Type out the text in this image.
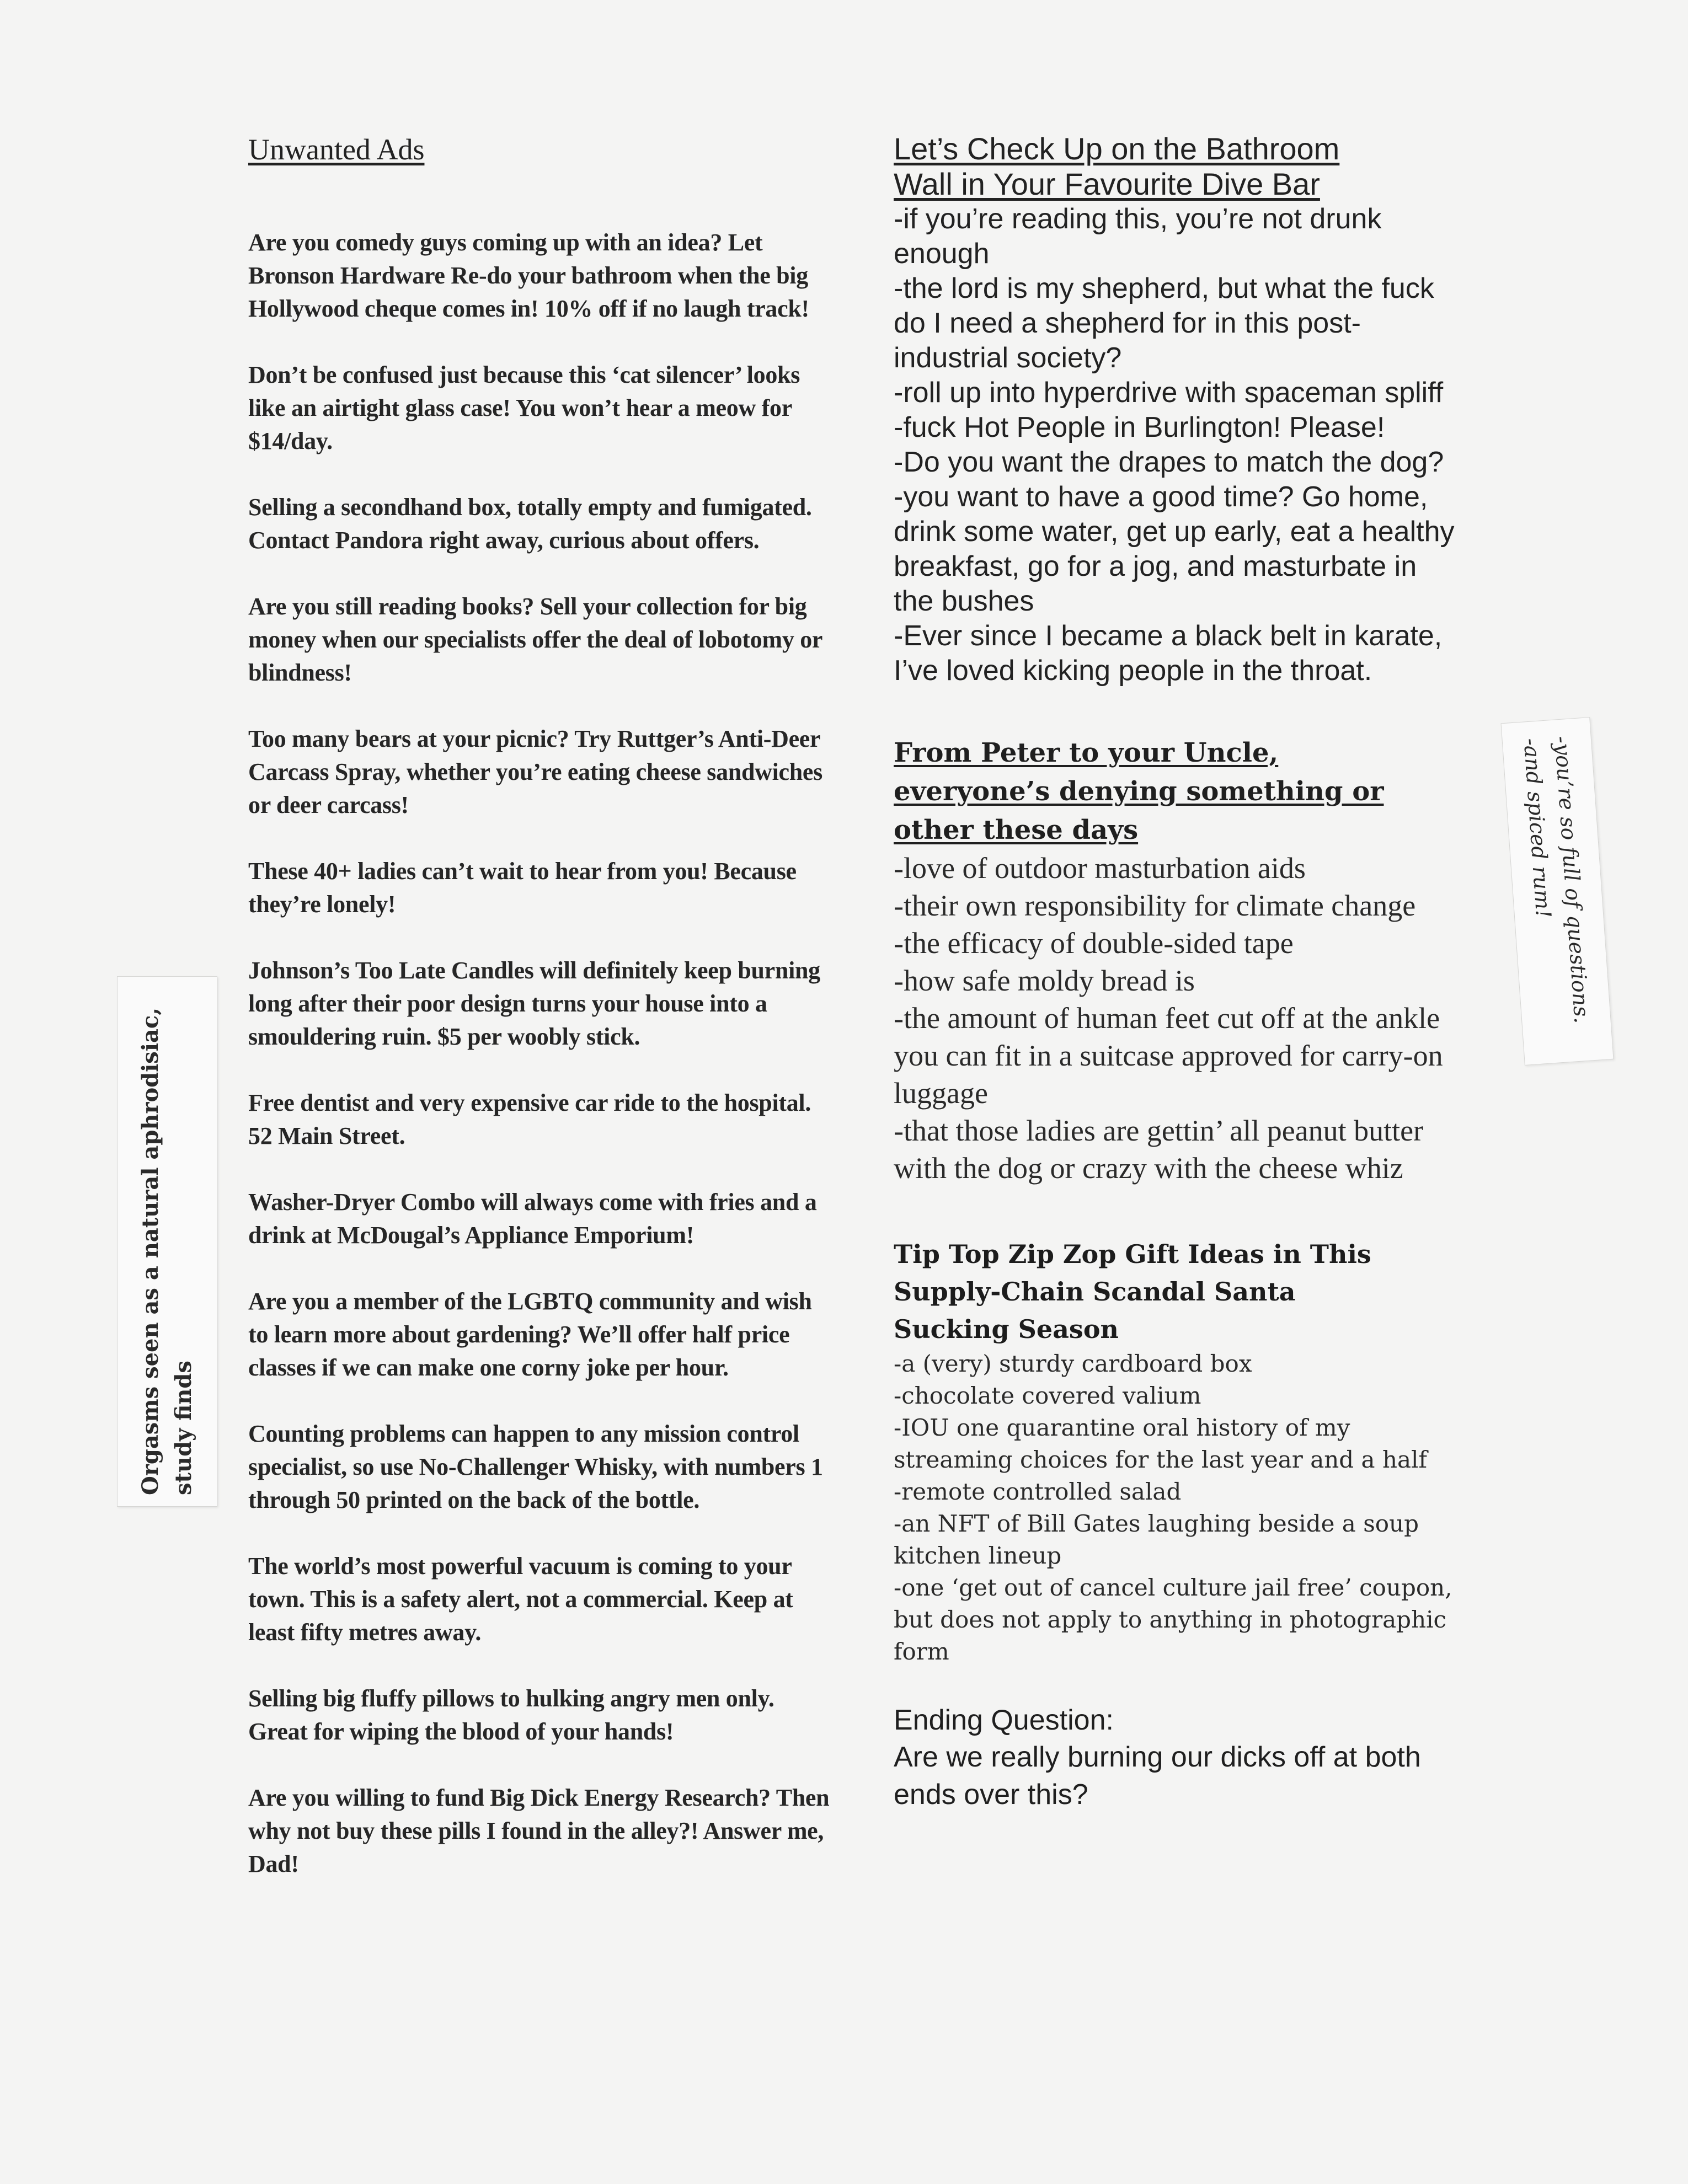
Unwanted Ads

Are you comedy guys coming up with an idea? Let Bronson Hardware Re-do your bathroom when the big Hollywood cheque comes in! 10% off if no laugh track!

Don’t be confused just because this ‘cat silencer’ looks like an airtight glass case! You won’t hear a meow for $14/day.

Selling a secondhand box, totally empty and fumigated. Contact Pandora right away, curious about offers.

Are you still reading books? Sell your collection for big money when our specialists offer the deal of lobotomy or blindness!

Too many bears at your picnic? Try Ruttger’s Anti-Deer Carcass Spray, whether you’re eating cheese sandwiches or deer carcass!

These 40+ ladies can’t wait to hear from you! Because they’re lonely!

Johnson’s Too Late Candles will definitely keep burning long after their poor design turns your house into a smouldering ruin. $5 per woobly stick.

Free dentist and very expensive car ride to the hospital. 52 Main Street.

Washer-Dryer Combo will always come with fries and a drink at McDougal’s Appliance Emporium!

Are you a member of the LGBTQ community and wish to learn more about gardening? We’ll offer half price classes if we can make one corny joke per hour.

Counting problems can happen to any mission control specialist, so use No-Challenger Whisky, with numbers 1 through 50 printed on the back of the bottle.

The world’s most powerful vacuum is coming to your town. This is a safety alert, not a commercial. Keep at least fifty metres away.

Selling big fluffy pillows to hulking angry men only. Great for wiping the blood of your hands!

Are you willing to fund Big Dick Energy Research? Then why not buy these pills I found in the alley?! Answer me, Dad!

Let’s Check Up on the Bathroom
Wall in Your Favourite Dive Bar
-if you’re reading this, you’re not drunk enough
-the lord is my shepherd, but what the fuck do I need a shepherd for in this post-industrial society?
-roll up into hyperdrive with spaceman spliff
-fuck Hot People in Burlington! Please!
-Do you want the drapes to match the dog?
-you want to have a good time? Go home, drink some water, get up early, eat a healthy breakfast, go for a jog, and masturbate in the bushes
-Ever since I became a black belt in karate, I’ve loved kicking people in the throat.
From Peter to your Uncle,
everyone’s denying something or
other these days
-love of outdoor masturbation aids
-their own responsibility for climate change
-the efficacy of double-sided tape
-how safe moldy bread is
-the amount of human feet cut off at the ankle you can fit in a suitcase approved for carry-on luggage
-that those ladies are gettin’ all peanut butter with the dog or crazy with the cheese whiz
Tip Top Zip Zop Gift Ideas in This
Supply-Chain Scandal Santa
Sucking Season
-a (very) sturdy cardboard box
-chocolate covered valium
-IOU one quarantine oral history of my streaming choices for the last year and a half
-remote controlled salad
-an NFT of Bill Gates laughing beside a soup kitchen lineup
-one ‘get out of cancel culture jail free’ coupon, but does not apply to anything in photographic form
Ending Question:
Are we really burning our dicks off at both ends over this?
Orgasms seen as a natural aphrodisiac, study finds
-you’re so full of questions.
-and spiced rum!
